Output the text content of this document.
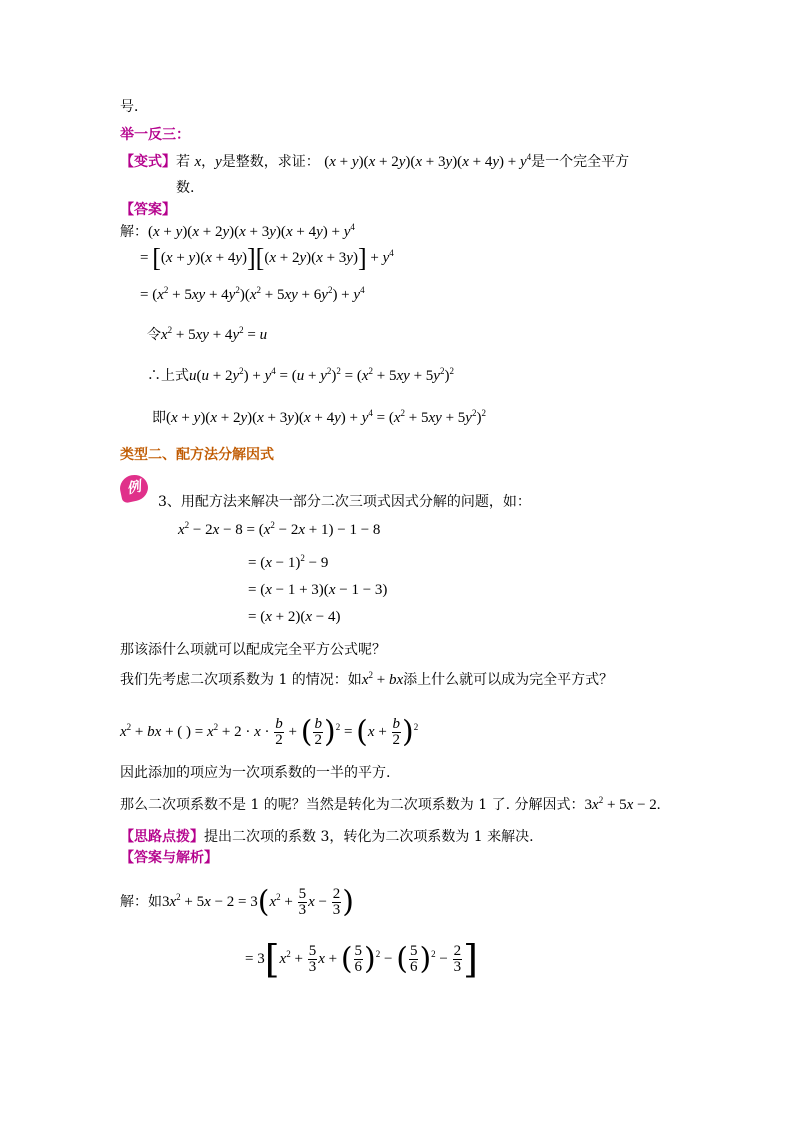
号．
举一反三：
【变式】若 x，y是整数，求证： $(x + y)(x + 2y)(x + 3y)(x + 4y) + y^4$是一个完全平方
数.
【答案】
解：$(x + y)(x + 2y)(x + 3y)(x + 4y) + y^4$
= $[(x + y)(x + 4y)][(x + 2y)(x + 3y)] + y^4$
= $(x^2 + 5xy + 4y^2)(x^2 + 5xy + 6y^2) + y^4$
令$x^2 + 5xy + 4y^2 = u$
∴上式$u(u + 2y^2) + y^4 = (u + y^2)^2 = (x^2 + 5xy + 5y^2)^2$
即$(x + y)(x + 2y)(x + 3y)(x + 4y) + y^4 = (x^2 + 5xy + 5y^2)^2$
类型二、配方法分解因式
例
3、用配方法来解决一部分二次三项式因式分解的问题，如：
$x^2 - 2x - 8 = (x^2 - 2x + 1) - 1 - 8$
= $(x - 1)^2 - 9$
= (x − 1 + 3)(x − 1 − 3)
= (x + 2)(x − 4)
那该添什么项就可以配成完全平方公式呢？
我们先考虑二次项系数为 1 的情况：如$x^2$ + bx添上什么就可以成为完全平方式？
$x^2$ + bx + ( ) = $x^2 + 2 \cdot x \cdot \frac{b}{2}$ + ( $\frac{b}{2} )^2 = (x + \frac{b}{2} )^2$
因此添加的项应为一次项系数的一半的平方.
那么二次项系数不是 1 的呢？当然是转化为二次项系数为 1 了. 分解因式：$3x^2 + 5x - 2$.
【思路点拨】提出二次项的系数 3，转化为二次项系数为 1 来解决.
【答案与解析】
解：如$3x^2 + 5x - 2 = 3(x^2 + \frac{5}{3}$ $x - \frac{2}{3}$ )
= $3[x^2 + \frac{5}{3}$ x + ( $\frac{5}{6} )^2$ − ( $\frac{5}{6} )^2 - \frac{2}{3}$ ]
